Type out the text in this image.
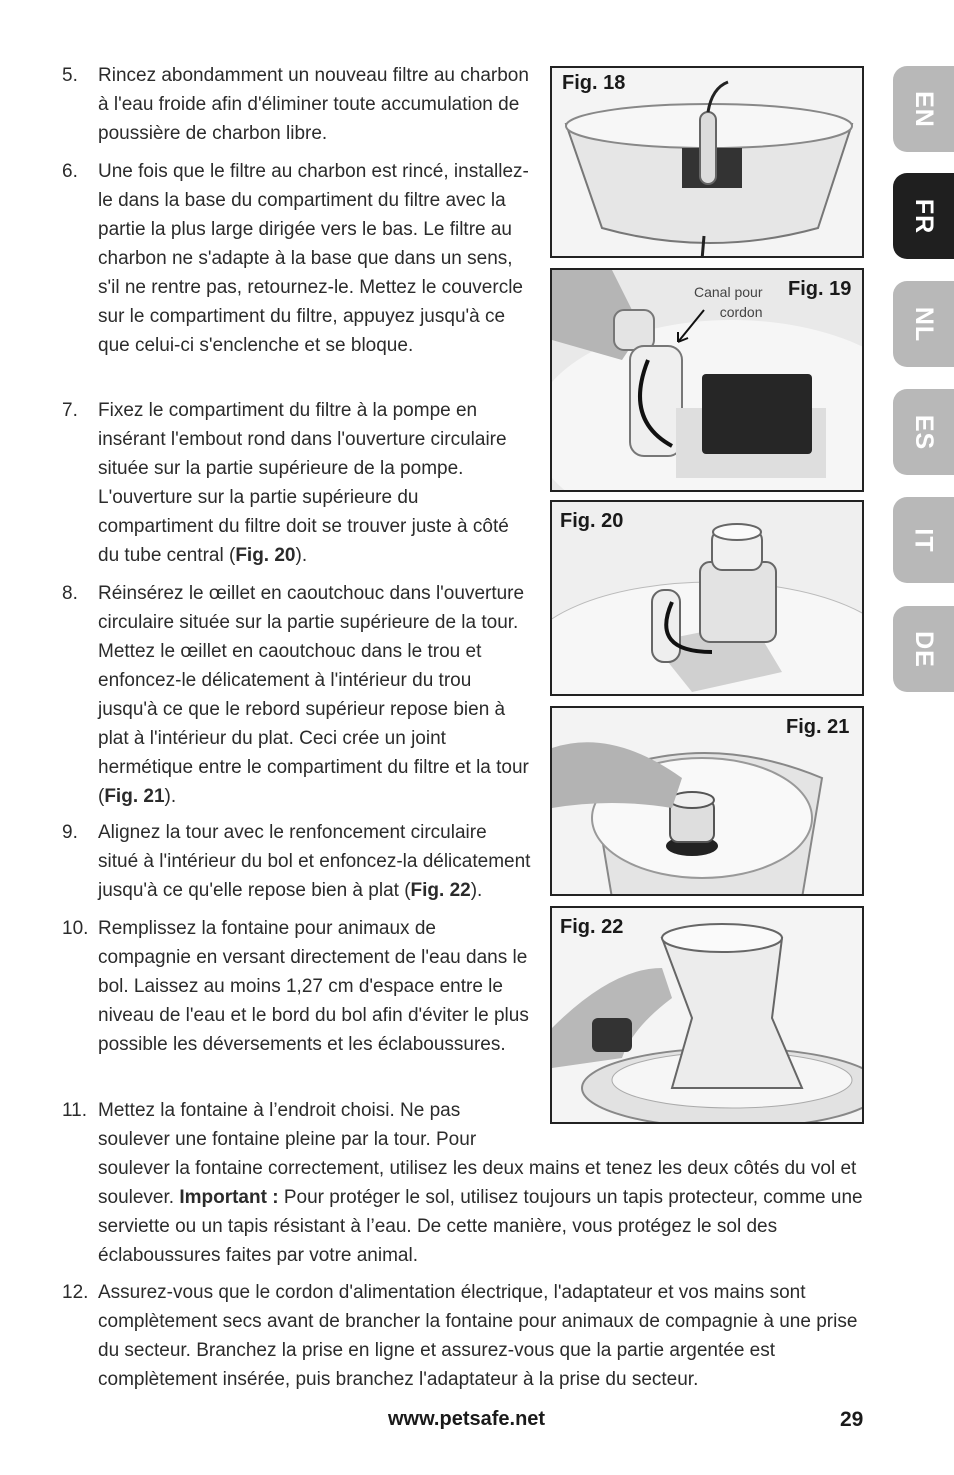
5.	Rincez abondamment un nouveau filtre au charbon à l'eau froide afin d'éliminer toute accumulation de poussière de charbon libre.
6.	Une fois que le filtre au charbon est rincé, installez-le dans la base du compartiment du filtre avec la partie la plus large dirigée vers le bas. Le filtre au charbon ne s'adapte à la base que dans un sens, s'il ne rentre pas, retournez-le. Mettez le couvercle sur le compartiment du filtre, appuyez jusqu'à ce que celui-ci s'enclenche et se bloque.
7.	Fixez le compartiment du filtre à la pompe en insérant l'embout rond dans l'ouverture circulaire située sur la partie supérieure de la pompe. L'ouverture sur la partie supérieure du compartiment du filtre doit se trouver juste à côté du tube central (Fig. 20).
8.	Réinsérez le œillet en caoutchouc dans l'ouverture circulaire située sur la partie supérieure de la tour. Mettez le œillet en caoutchouc dans le trou et enfoncez-le délicatement à l'intérieur du trou jusqu'à ce que le rebord supérieur repose bien à plat à l'intérieur du plat. Ceci crée un joint hermétique entre le compartiment du filtre et la tour (Fig. 21).
9.	Alignez la tour avec le renfoncement circulaire situé à l'intérieur du bol et enfoncez-la délicatement jusqu'à ce qu'elle repose bien à plat (Fig. 22).
10. Remplissez la fontaine pour animaux de compagnie en versant directement de l'eau dans le bol. Laissez au moins 1,27 cm d'espace entre le niveau de l'eau et le bord du bol afin d'éviter le plus possible les déversements et les éclaboussures.
11. Mettez la fontaine à l’endroit choisi. Ne pas soulever une fontaine pleine par la tour. Pour soulever la fontaine correctement, utilisez les deux mains et tenez les deux côtés du vol et soulever. Important : Pour protéger le sol, utilisez toujours un tapis protecteur, comme une serviette ou un tapis résistant à l’eau. De cette manière, vous protégez le sol des éclaboussures faites par votre animal.
12. Assurez-vous que le cordon d'alimentation électrique, l'adaptateur et vos mains sont complètement secs avant de brancher la fontaine pour animaux de compagnie à une prise du secteur. Branchez la prise en ligne et assurez-vous que la partie argentée est complètement insérée, puis branchez l'adaptateur à la prise du secteur.
Fig. 18
Canal pour
cordon
Fig. 19
Fig. 20
Fig. 21
Fig. 22
EN
FR
NL
ES
IT
DE
www.petsafe.net	29
